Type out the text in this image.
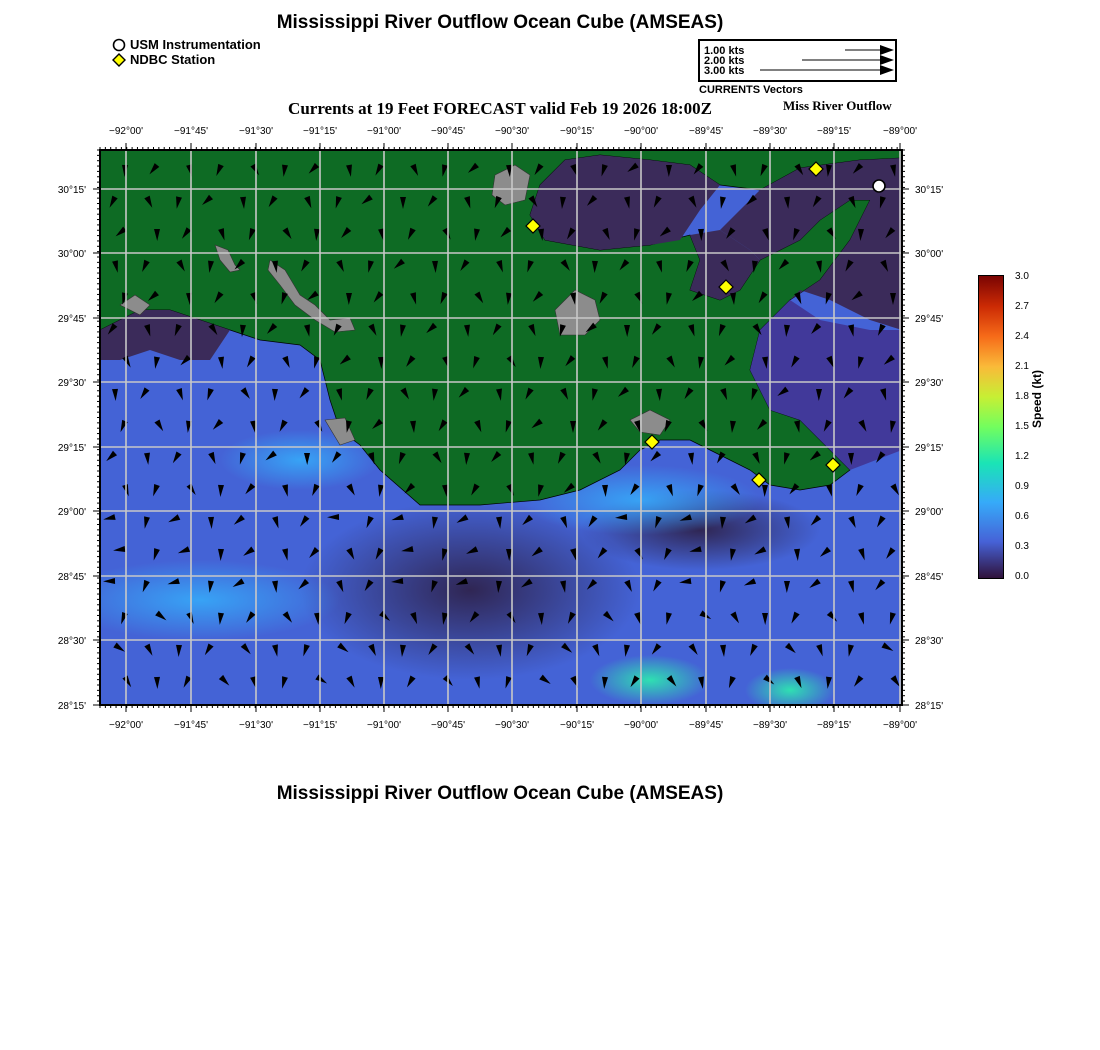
Mississippi River Outflow Ocean Cube (AMSEAS)
USM Instrumentation
NDBC Station
1.00 kts
2.00 kts
3.00 kts
CURRENTS Vectors
Currents at 19 Feet FORECAST valid Feb 19 2026 18:00Z	Miss River Outflow
−92°00'
−92°00'
−91°45'
−91°45'
−91°30'
−91°30'
−91°15'
−91°15'
−91°00'
−91°00'
−90°45'
−90°45'
−90°30'
−90°30'
−90°15'
−90°15'
−90°00'
−90°00'
−89°45'
−89°45'
−89°30'
−89°30'
−89°15'
−89°15'
−89°00'
−89°00'
30°15'	30°15'
30°00'	30°00'
29°45'	29°45'
29°30'	29°30'
29°15'	29°15'
29°00'	29°00'
28°45'	28°45'
28°30'	28°30'
28°15'	28°15'
3.0
2.7
2.4
2.1
1.8
1.5
1.2
0.9
0.6
0.3
0.0
Speed (kt)
Mississippi River Outflow Ocean Cube (AMSEAS)
